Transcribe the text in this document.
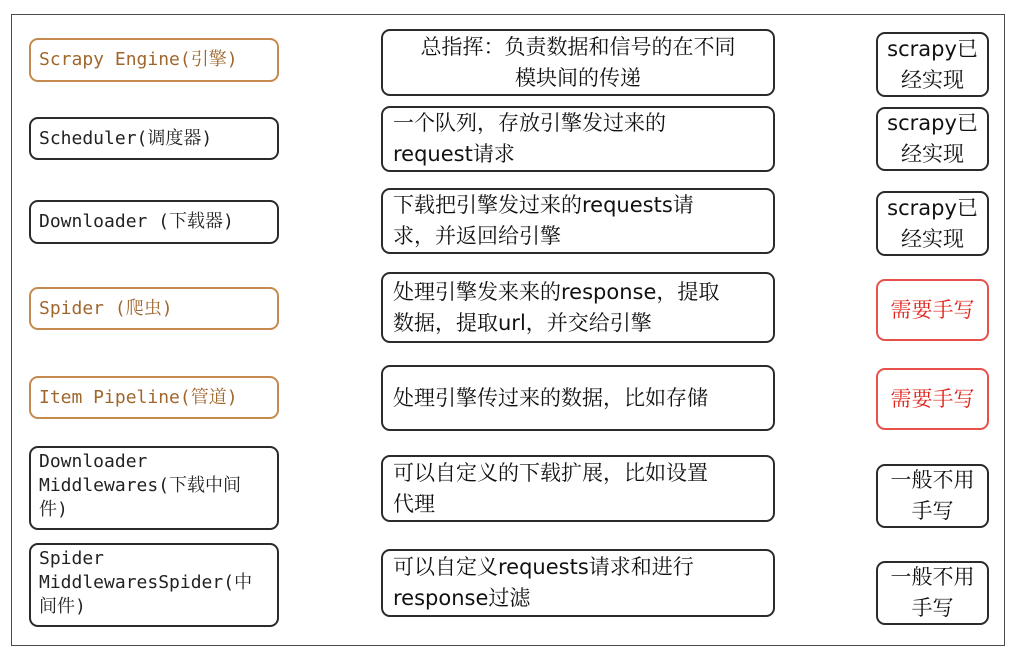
Scrapy Engine(引擎)
总指挥：负责数据和信号的在不同
模块间的传递
scrapy已
经实现
Scheduler(调度器)
一个队列，存放引擎发过来的
request请求
scrapy已
经实现
Downloader (下载器)
下载把引擎发过来的requests请
求，并返回给引擎
scrapy已
经实现
Spider (爬虫)
处理引擎发来来的response，提取
数据，提取url，并交给引擎
需要手写
Item Pipeline(管道)	处理引擎传过来的数据，比如存储	需要手写
Downloader
Middlewares(下载中间
件)
可以自定义的下载扩展，比如设置
代理
一般不用
手写
Spider
MiddlewaresSpider(中
间件)
可以自定义requests请求和进行
response过滤
一般不用
手写
